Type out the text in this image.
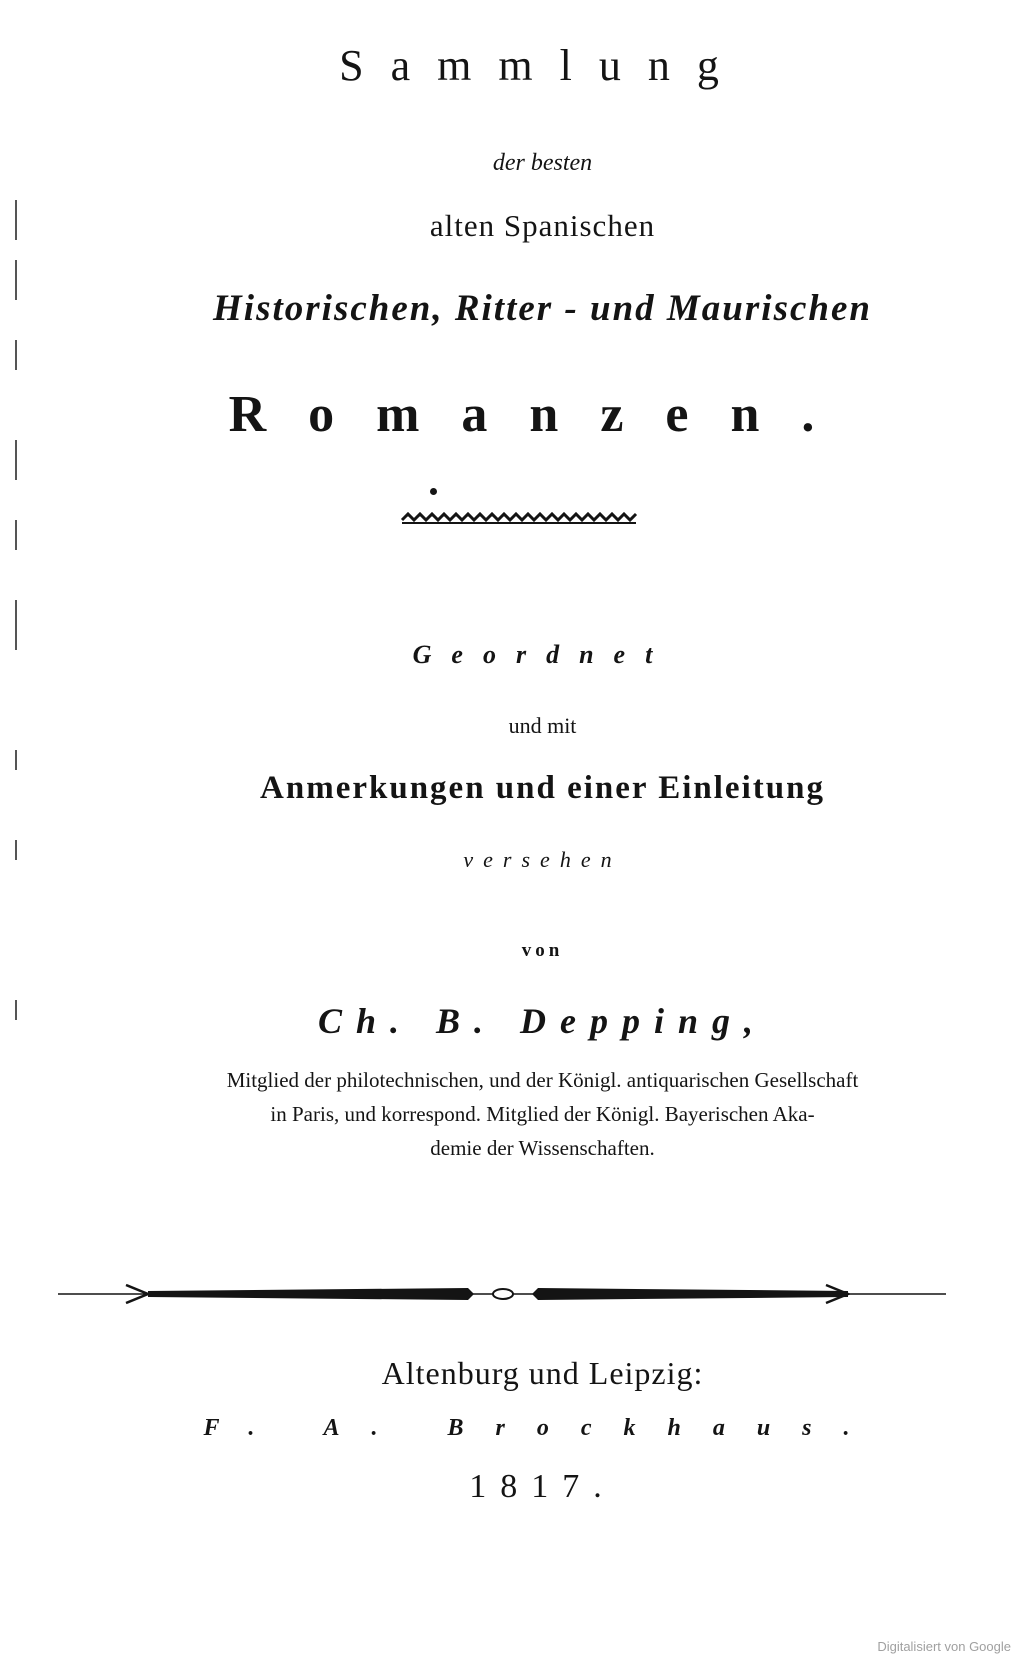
Sammlung
der besten
alten Spanischen
Historischen, Ritter - und Maurischen
Romanzen.
Geordnet
und mit
Anmerkungen und einer Einleitung
versehen
von
Ch. B. Depping,
Mitglied der philotechnischen, und der Königl. antiquarischen Gesellschaft
in Paris, und korrespond. Mitglied der Königl. Bayerischen Aka-
demie der Wissenschaften.
Altenburg und Leipzig:
F. A. Brockhaus.
1817.
Digitalisiert von Google
